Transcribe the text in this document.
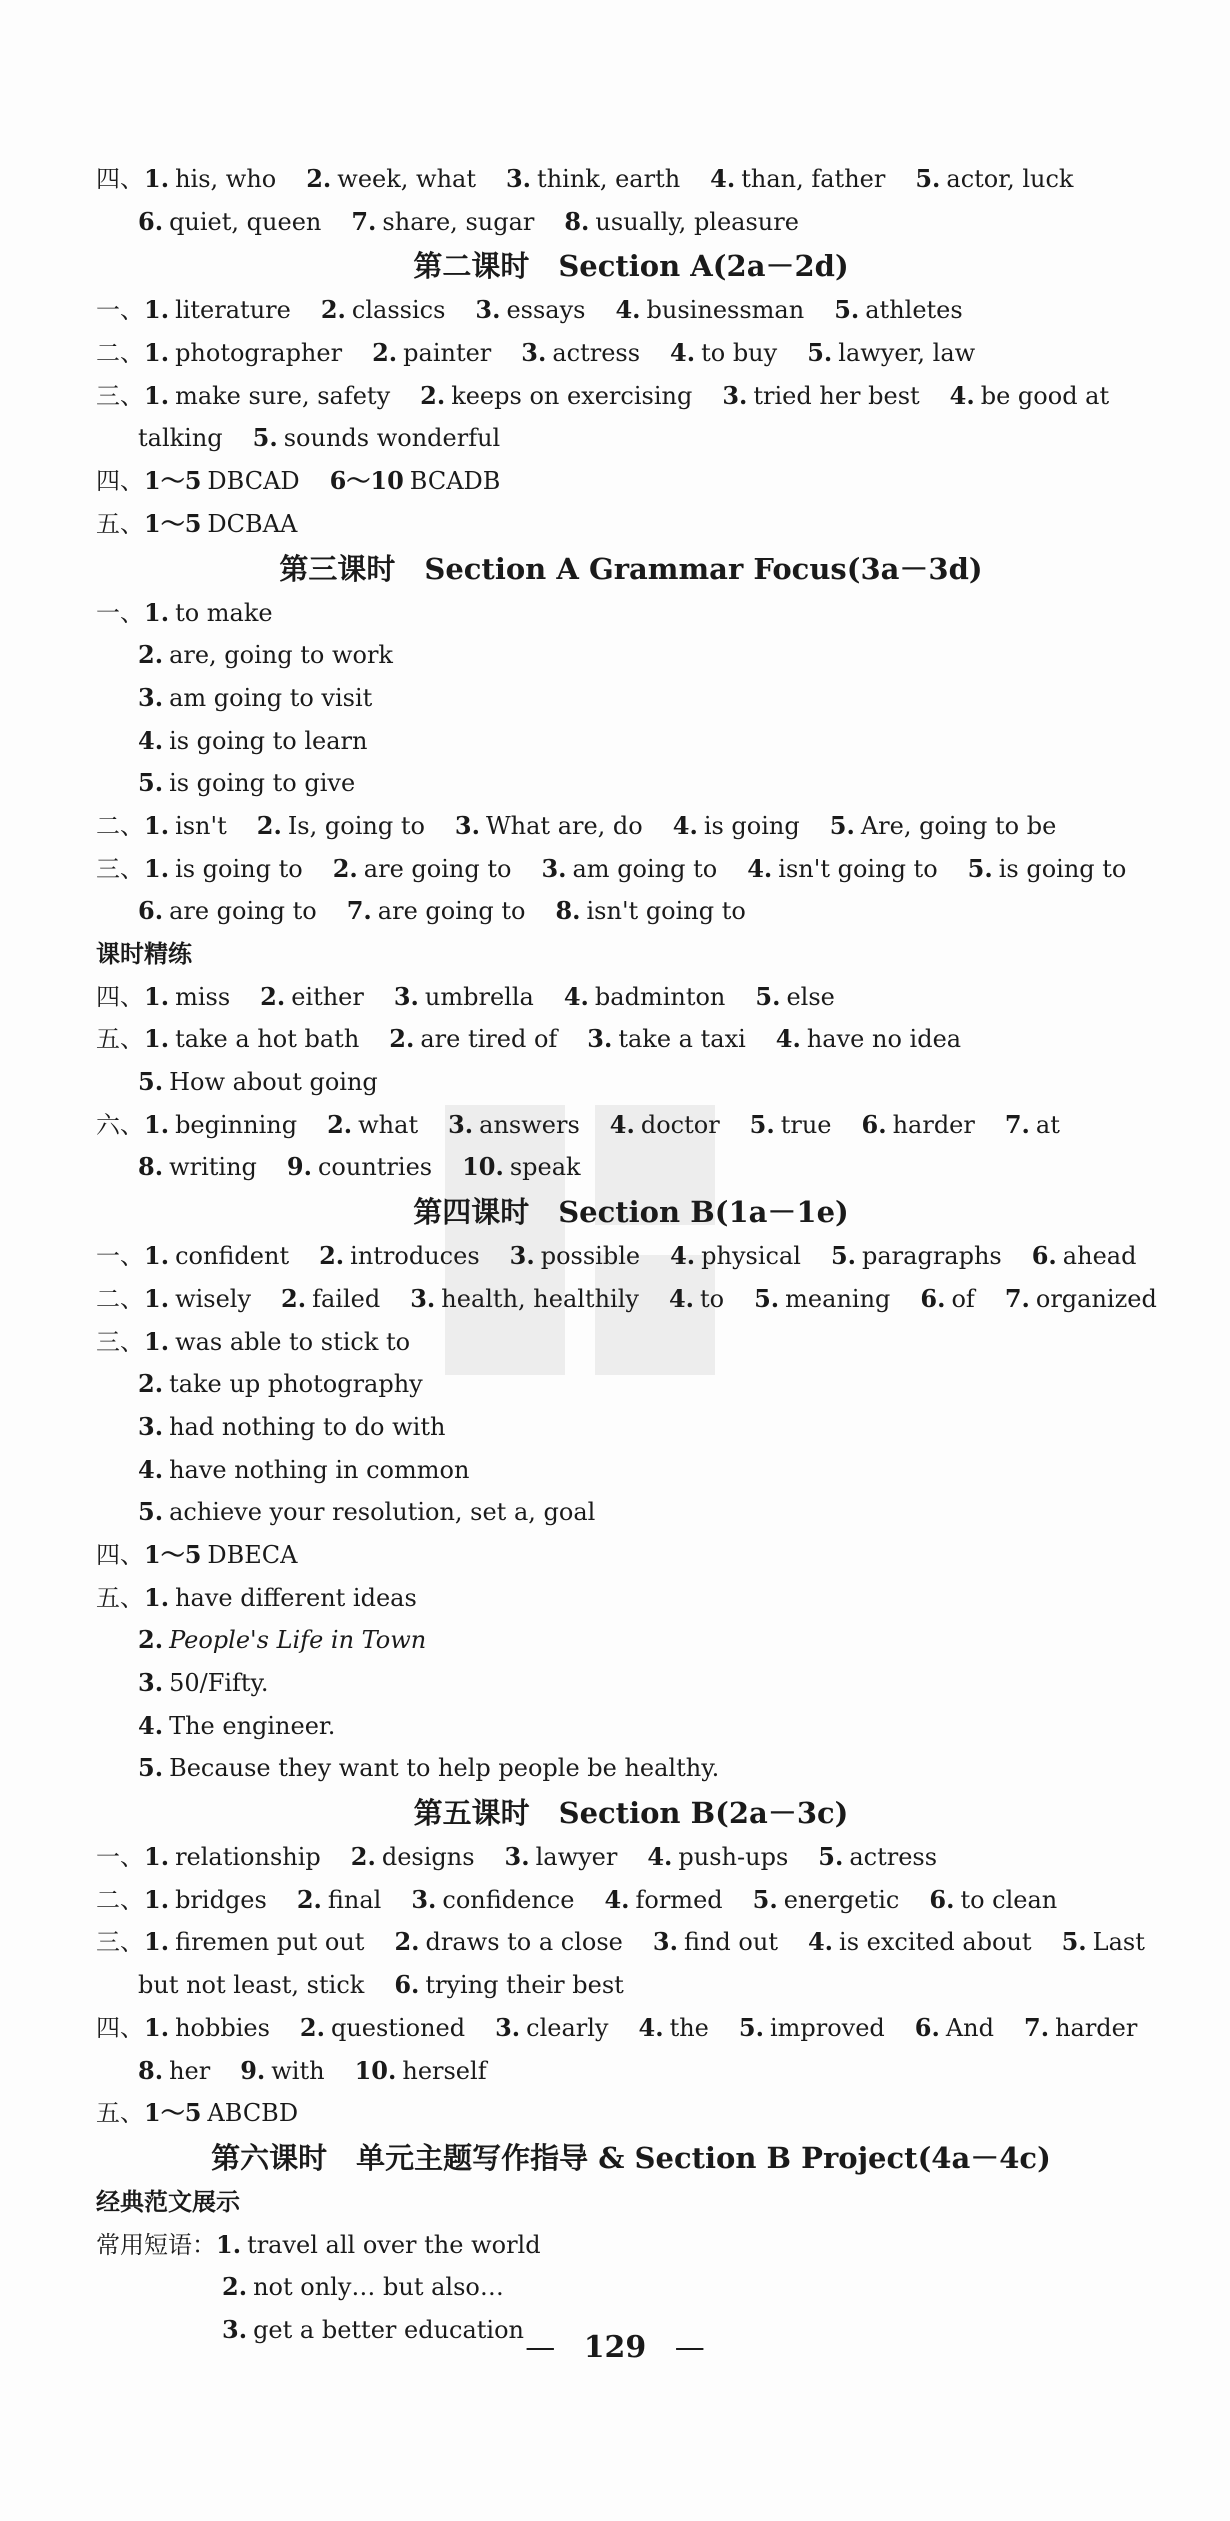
四、1. his, who 2. week, what 3. think, earth 4. than, father 5. actor, luck
6. quiet, queen 7. share, sugar 8. usually, pleasure
第二课时　Section A(2a－2d)
一、1. literature 2. classics 3. essays 4. businessman 5. athletes
二、1. photographer 2. painter 3. actress 4. to buy 5. lawyer, law
三、1. make sure, safety 2. keeps on exercising 3. tried her best 4. be good at
talking 5. sounds wonderful
四、1～5 DBCAD 6～10 BCADB
五、1～5 DCBAA
第三课时　Section A Grammar Focus(3a－3d)
一、1. to make
2. are, going to work
3. am going to visit
4. is going to learn
5. is going to give
二、1. isn't 2. Is, going to 3. What are, do 4. is going 5. Are, going to be
三、1. is going to 2. are going to 3. am going to 4. isn't going to 5. is going to
6. are going to 7. are going to 8. isn't going to
课时精练
四、1. miss 2. either 3. umbrella 4. badminton 5. else
五、1. take a hot bath 2. are tired of 3. take a taxi 4. have no idea
5. How about going
六、1. beginning 2. what 3. answers 4. doctor 5. true 6. harder 7. at
8. writing 9. countries 10. speak
第四课时　Section B(1a－1e)
一、1. confident 2. introduces 3. possible 4. physical 5. paragraphs 6. ahead
二、1. wisely 2. failed 3. health, healthily 4. to 5. meaning 6. of 7. organized
三、1. was able to stick to
2. take up photography
3. had nothing to do with
4. have nothing in common
5. achieve your resolution, set a, goal
四、1～5 DBECA
五、1. have different ideas
2. People's Life in Town
3. 50/Fifty.
4. The engineer.
5. Because they want to help people be healthy.
第五课时　Section B(2a－3c)
一、1. relationship 2. designs 3. lawyer 4. push-ups 5. actress
二、1. bridges 2. final 3. confidence 4. formed 5. energetic 6. to clean
三、1. firemen put out 2. draws to a close 3. find out 4. is excited about 5. Last
but not least, stick 6. trying their best
四、1. hobbies 2. questioned 3. clearly 4. the 5. improved 6. And 7. harder
8. her 9. with 10. herself
五、1～5 ABCBD
第六课时　单元主题写作指导 & Section B Project(4a－4c)
经典范文展示
常用短语：1. travel all over the world
2. not only… but also…
3. get a better education
— 129 —
